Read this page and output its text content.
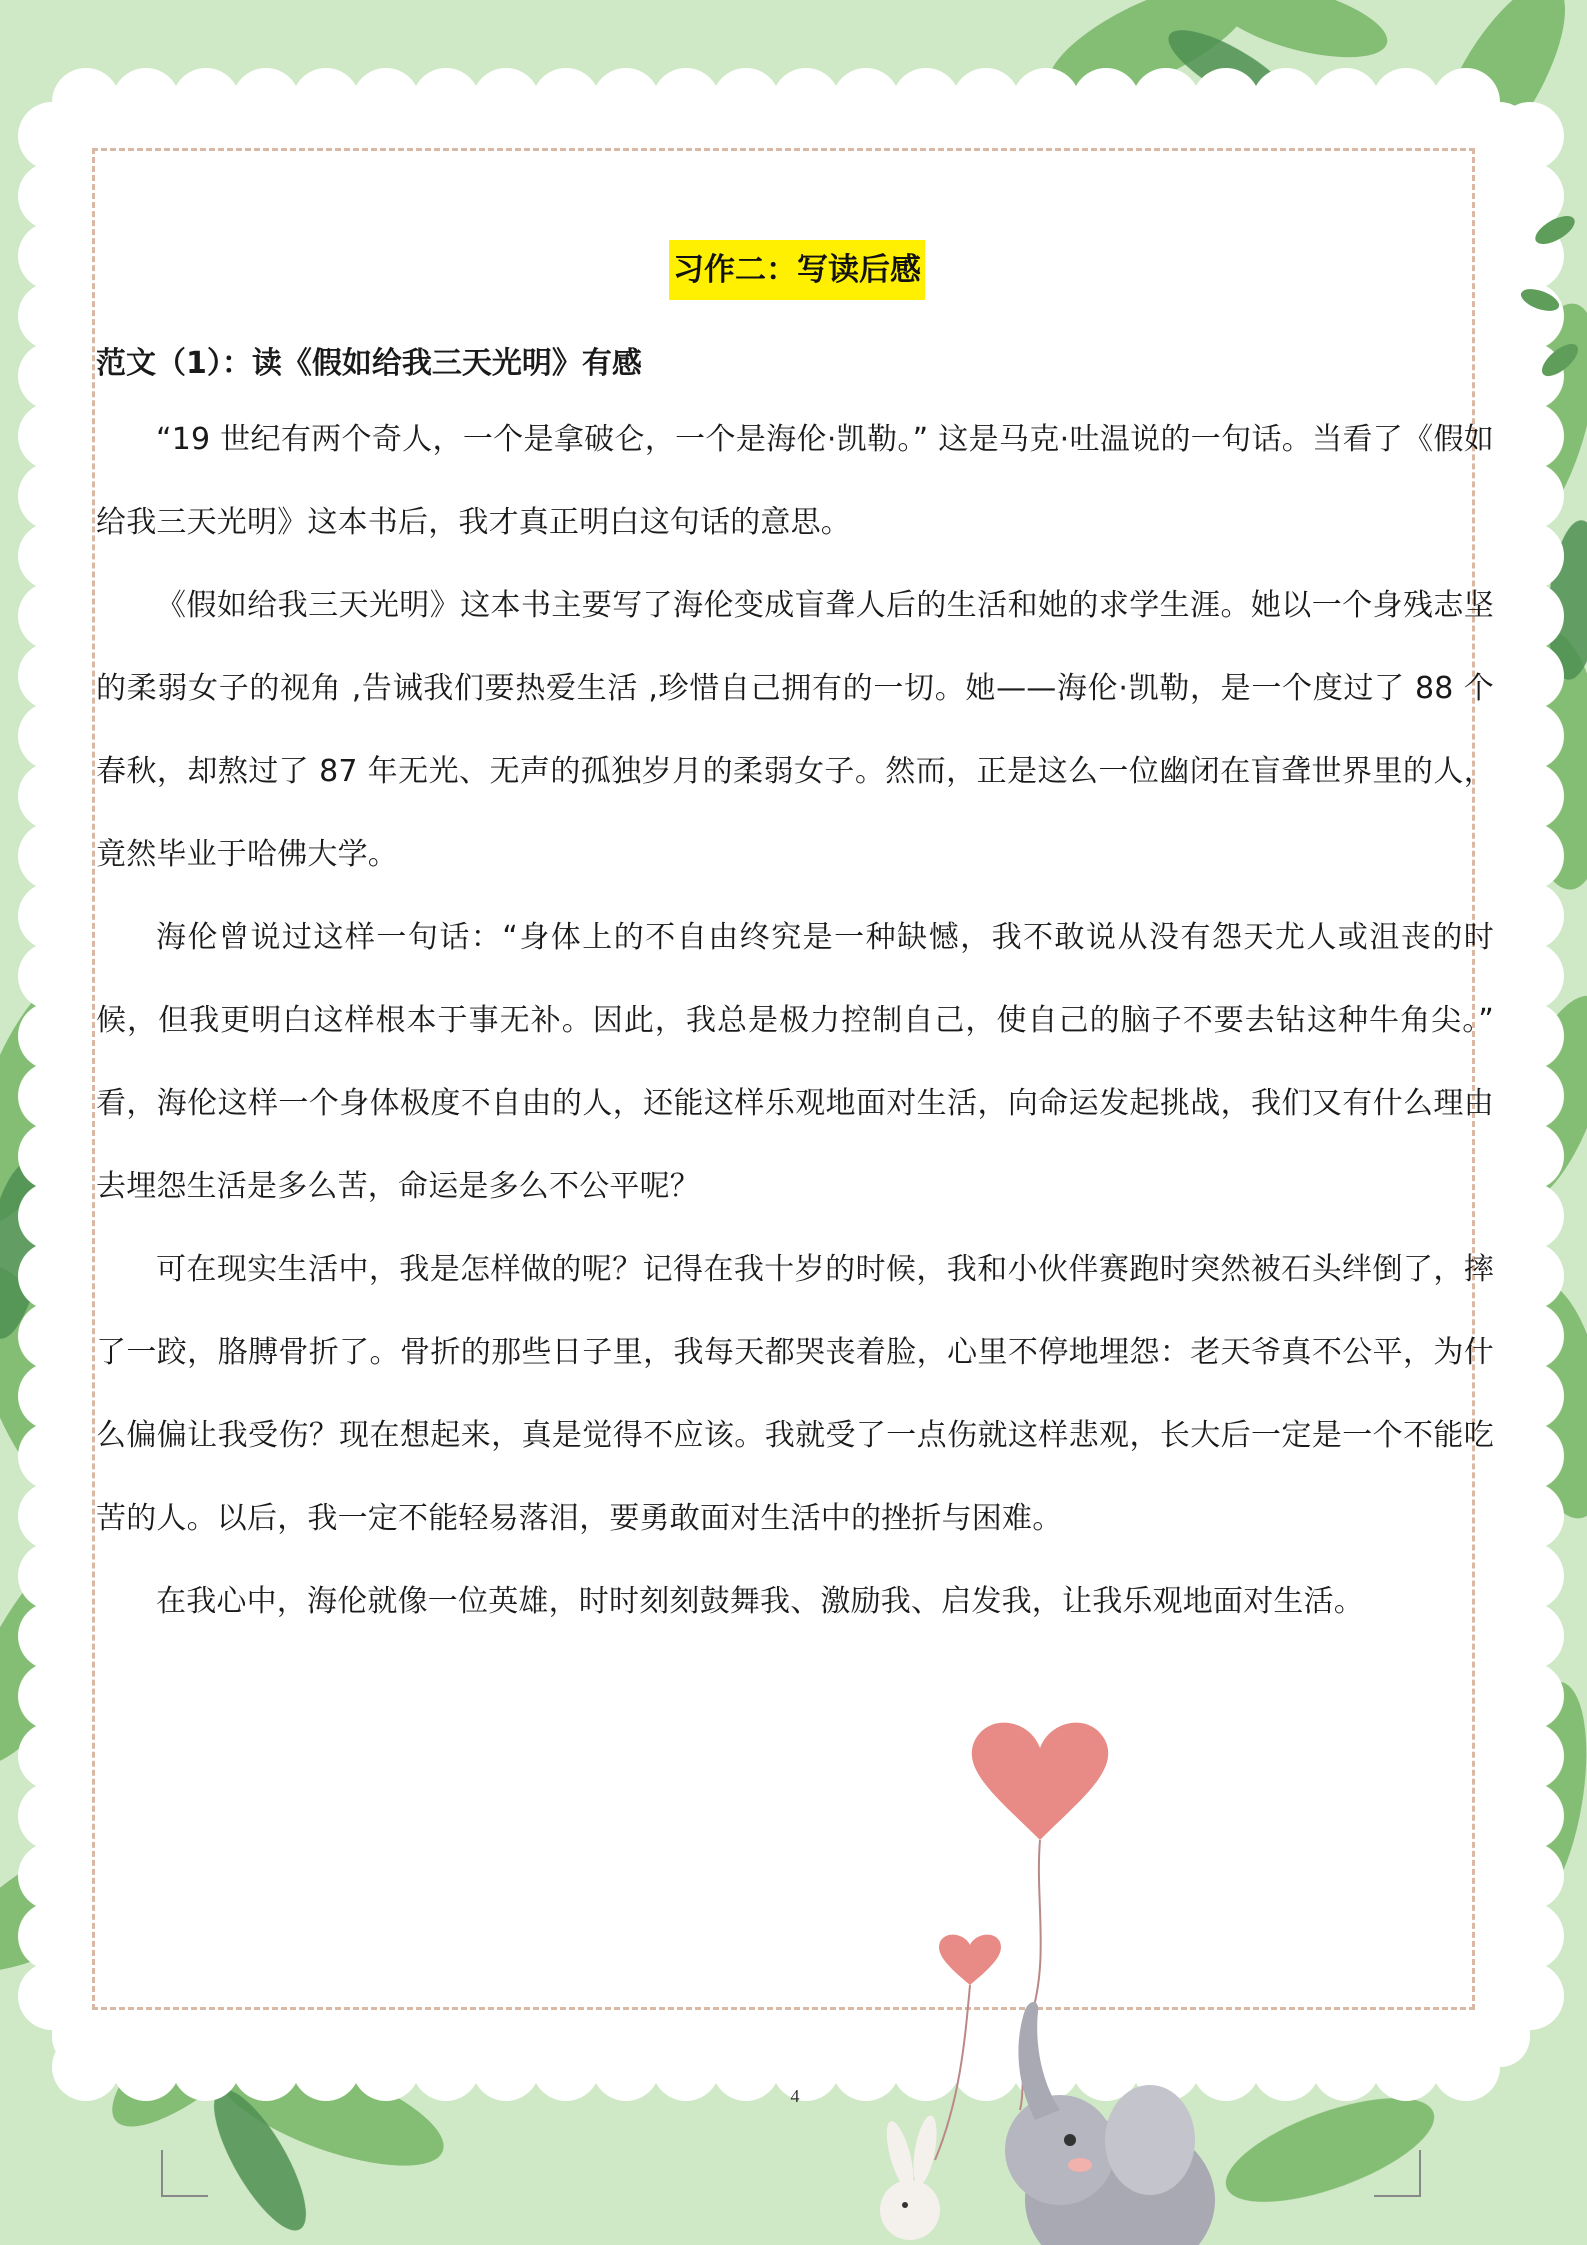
习作二：写读后感
范文（1）：读《假如给我三天光明》有感

“19 世纪有两个奇人，一个是拿破仑，一个是海伦·凯勒。” 这是马克·吐温说的一句话。当看了《假如给我三天光明》这本书后，我才真正明白这句话的意思。

《假如给我三天光明》这本书主要写了海伦变成盲聋人后的生活和她的求学生涯。她以一个身残志坚的柔弱女子的视角 ,告诫我们要热爱生活 ,珍惜自己拥有的一切。她——海伦·凯勒，是一个度过了 88 个春秋，却熬过了 87 年无光、无声的孤独岁月的柔弱女子。然而，正是这么一位幽闭在盲聋世界里的人，竟然毕业于哈佛大学。

海伦曾说过这样一句话：“身体上的不自由终究是一种缺憾，我不敢说从没有怨天尤人或沮丧的时候，但我更明白这样根本于事无补。因此，我总是极力控制自己，使自己的脑子不要去钻这种牛角尖。” 看，海伦这样一个身体极度不自由的人，还能这样乐观地面对生活，向命运发起挑战，我们又有什么理由去埋怨生活是多么苦，命运是多么不公平呢？

可在现实生活中，我是怎样做的呢？记得在我十岁的时候，我和小伙伴赛跑时突然被石头绊倒了，摔了一跤，胳膊骨折了。骨折的那些日子里，我每天都哭丧着脸，心里不停地埋怨：老天爷真不公平，为什么偏偏让我受伤？现在想起来，真是觉得不应该。我就受了一点伤就这样悲观，长大后一定是一个不能吃苦的人。以后，我一定不能轻易落泪，要勇敢面对生活中的挫折与困难。

在我心中，海伦就像一位英雄，时时刻刻鼓舞我、激励我、启发我，让我乐观地面对生活。

4
